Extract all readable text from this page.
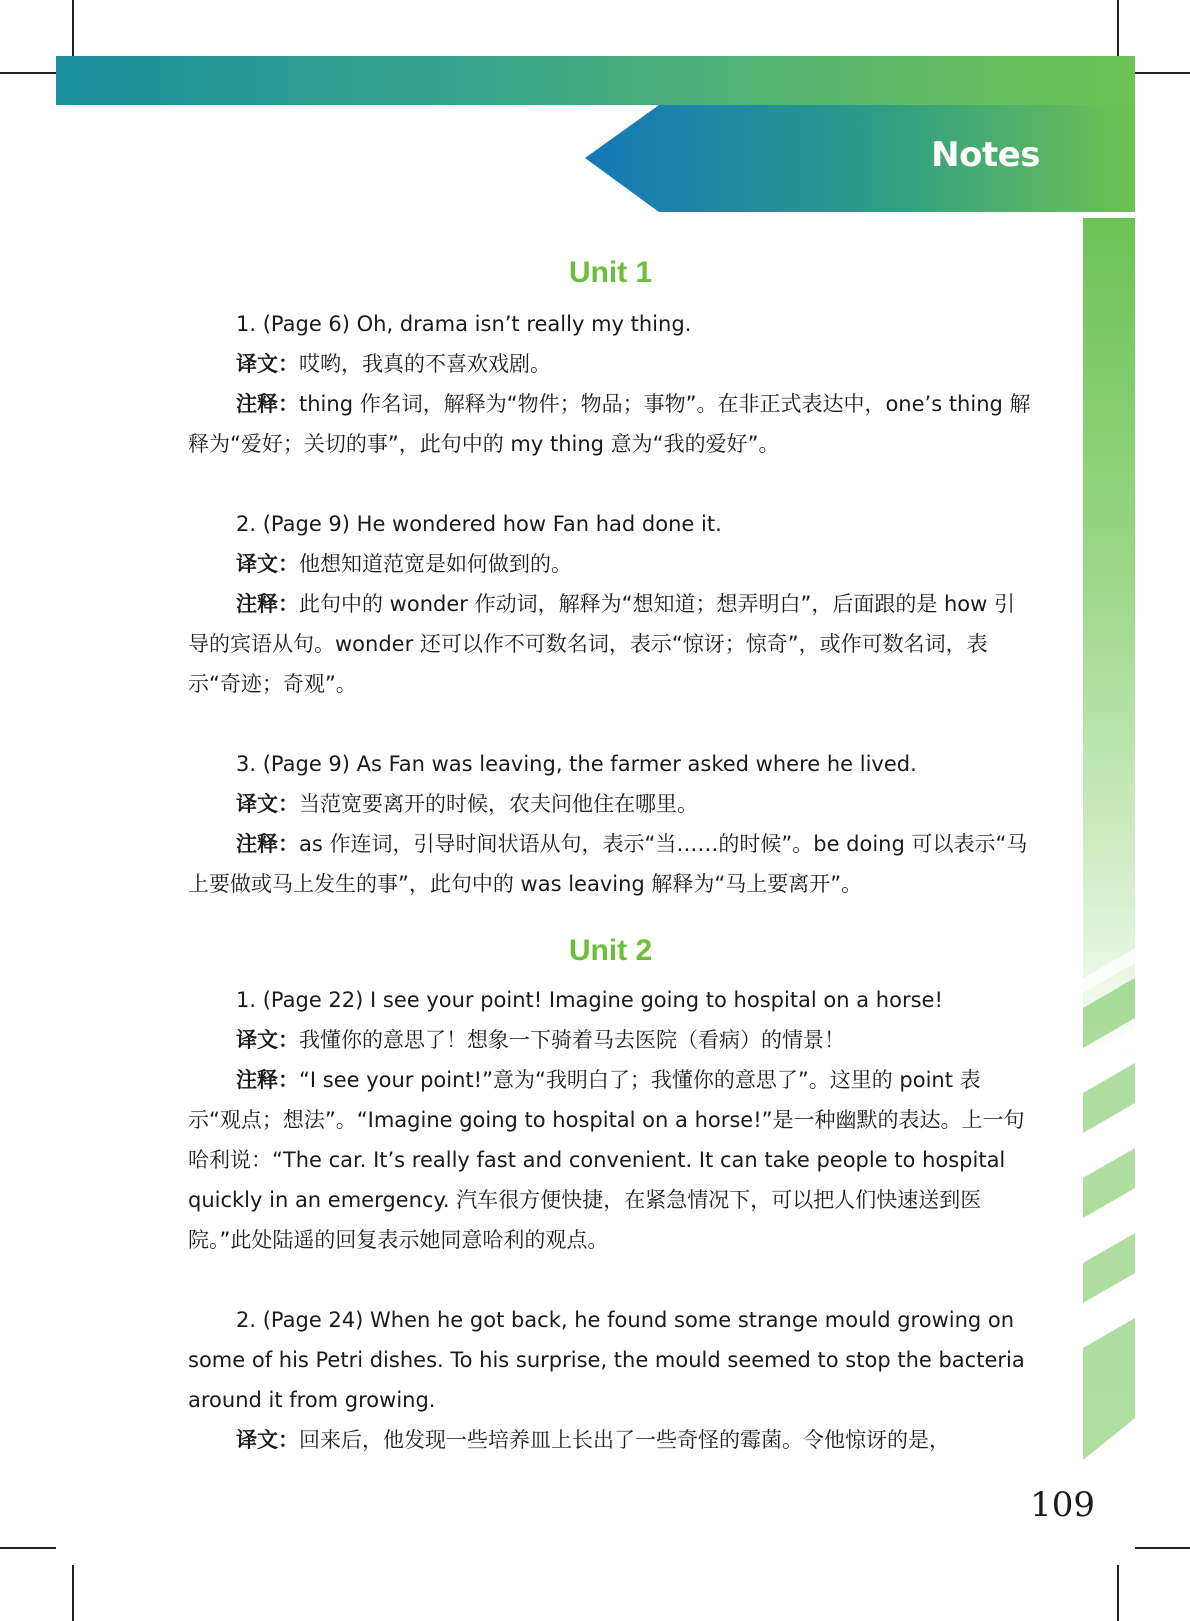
Notes
Unit 1

1. (Page 6) Oh, drama isn’t really my thing.

译文：哎哟，我真的不喜欢戏剧。

注释：thing 作名词，解释为“物件；物品；事物”。在非正式表达中，one’s thing 解释为“爱好；关切的事”，此句中的 my thing 意为“我的爱好”。

2. (Page 9) He wondered how Fan had done it.

译文：他想知道范宽是如何做到的。

注释：此句中的 wonder 作动词，解释为“想知道；想弄明白”，后面跟的是 how 引导的宾语从句。wonder 还可以作不可数名词，表示“惊讶；惊奇”，或作可数名词，表示“奇迹；奇观”。

3. (Page 9) As Fan was leaving, the farmer asked where he lived.

译文：当范宽要离开的时候，农夫问他住在哪里。

注释：as 作连词，引导时间状语从句，表示“当……的时候”。be doing 可以表示“马上要做或马上发生的事”，此句中的 was leaving 解释为“马上要离开”。

Unit 2

1. (Page 22) I see your point! Imagine going to hospital on a horse!

译文：我懂你的意思了！想象一下骑着马去医院（看病）的情景！

注释：“I see your point!”意为“我明白了；我懂你的意思了”。这里的 point 表示“观点；想法”。“Imagine going to hospital on a horse!”是一种幽默的表达。上一句哈利说：“The car. It’s really fast and convenient. It can take people to hospital quickly in an emergency. 汽车很方便快捷，在紧急情况下，可以把人们快速送到医院。”此处陆遥的回复表示她同意哈利的观点。

2. (Page 24) When he got back, he found some strange mould growing on some of his Petri dishes. To his surprise, the mould seemed to stop the bacteria around it from growing.

译文：回来后，他发现一些培养皿上长出了一些奇怪的霉菌。令他惊讶的是，

109
